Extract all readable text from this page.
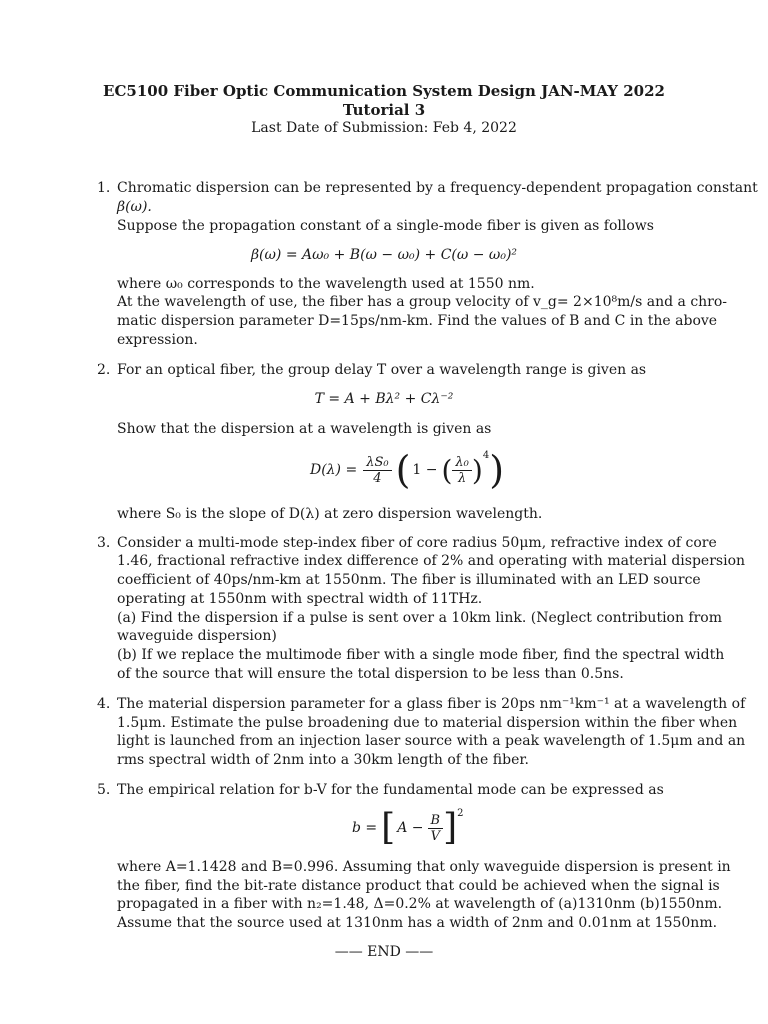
EC5100 Fiber Optic Communication System Design JAN-MAY 2022
Tutorial 3
Last Date of Submission: Feb 4, 2022
1. Chromatic dispersion can be represented by a frequency-dependent propagation constant
β(ω).
Suppose the propagation constant of a single-mode fiber is given as follows
β(ω) = Aω₀ + B(ω − ω₀) + C(ω − ω₀)²
where ω₀ corresponds to the wavelength used at 1550 nm.
At the wavelength of use, the fiber has a group velocity of v_g= 2×10⁸m/s and a chro-
matic dispersion parameter D=15ps/nm-km. Find the values of B and C in the above
expression.
2. For an optical fiber, the group delay T over a wavelength range is given as
T = A + Bλ² + Cλ⁻²
Show that the dispersion at a wavelength is given as
$D(\lambda) = \frac{\text{λS₀}}{4}$ ( 1 − ( $\frac{\text{λ₀}}{\lambda}$ ) 4 )
where S₀ is the slope of D(λ) at zero dispersion wavelength.
3. Consider a multi-mode step-index fiber of core radius 50μm, refractive index of core
1.46, fractional refractive index difference of 2% and operating with material dispersion
coefficient of 40ps/nm-km at 1550nm. The fiber is illuminated with an LED source
operating at 1550nm with spectral width of 11THz.
(a) Find the dispersion if a pulse is sent over a 10km link. (Neglect contribution from
waveguide dispersion)
(b) If we replace the multimode fiber with a single mode fiber, find the spectral width
of the source that will ensure the total dispersion to be less than 0.5ns.
4. The material dispersion parameter for a glass fiber is 20ps nm⁻¹km⁻¹ at a wavelength of
1.5μm. Estimate the pulse broadening due to material dispersion within the fiber when
light is launched from an injection laser source with a peak wavelength of 1.5μm and an
rms spectral width of 2nm into a 30km length of the fiber.
5. The empirical relation for b-V for the fundamental mode can be expressed as
b = [ $A - \frac{B}{V}$ ] 2
where A=1.1428 and B=0.996. Assuming that only waveguide dispersion is present in
the fiber, find the bit-rate distance product that could be achieved when the signal is
propagated in a fiber with n₂=1.48, Δ=0.2% at wavelength of (a)1310nm (b)1550nm.
Assume that the source used at 1310nm has a width of 2nm and 0.01nm at 1550nm.
—— END ——
